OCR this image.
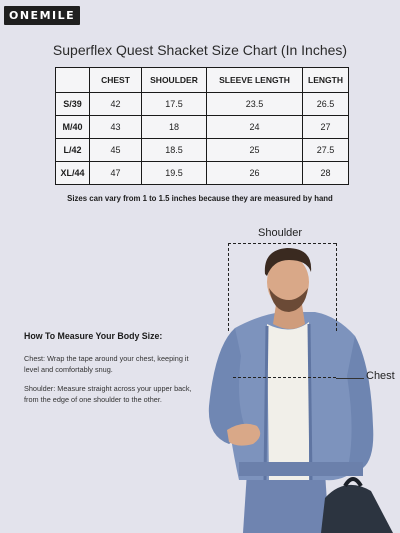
ONEMILE
Superflex Quest Shacket Size Chart (In Inches)
	CHEST	SHOULDER	SLEEVE LENGTH	LENGTH
S/39	42	17.5	23.5	26.5
M/40	43	18	24	27
L/42	45	18.5	25	27.5
XL/44	47	19.5	26	28
Sizes can vary from 1 to 1.5 inches because they are measured by hand
Shoulder
Chest
How To Measure Your Body Size:

Chest: Wrap the tape around your chest, keeping it level and comfortably snug.

Shoulder: Measure straight across your upper back, from the edge of one shoulder to the other.
